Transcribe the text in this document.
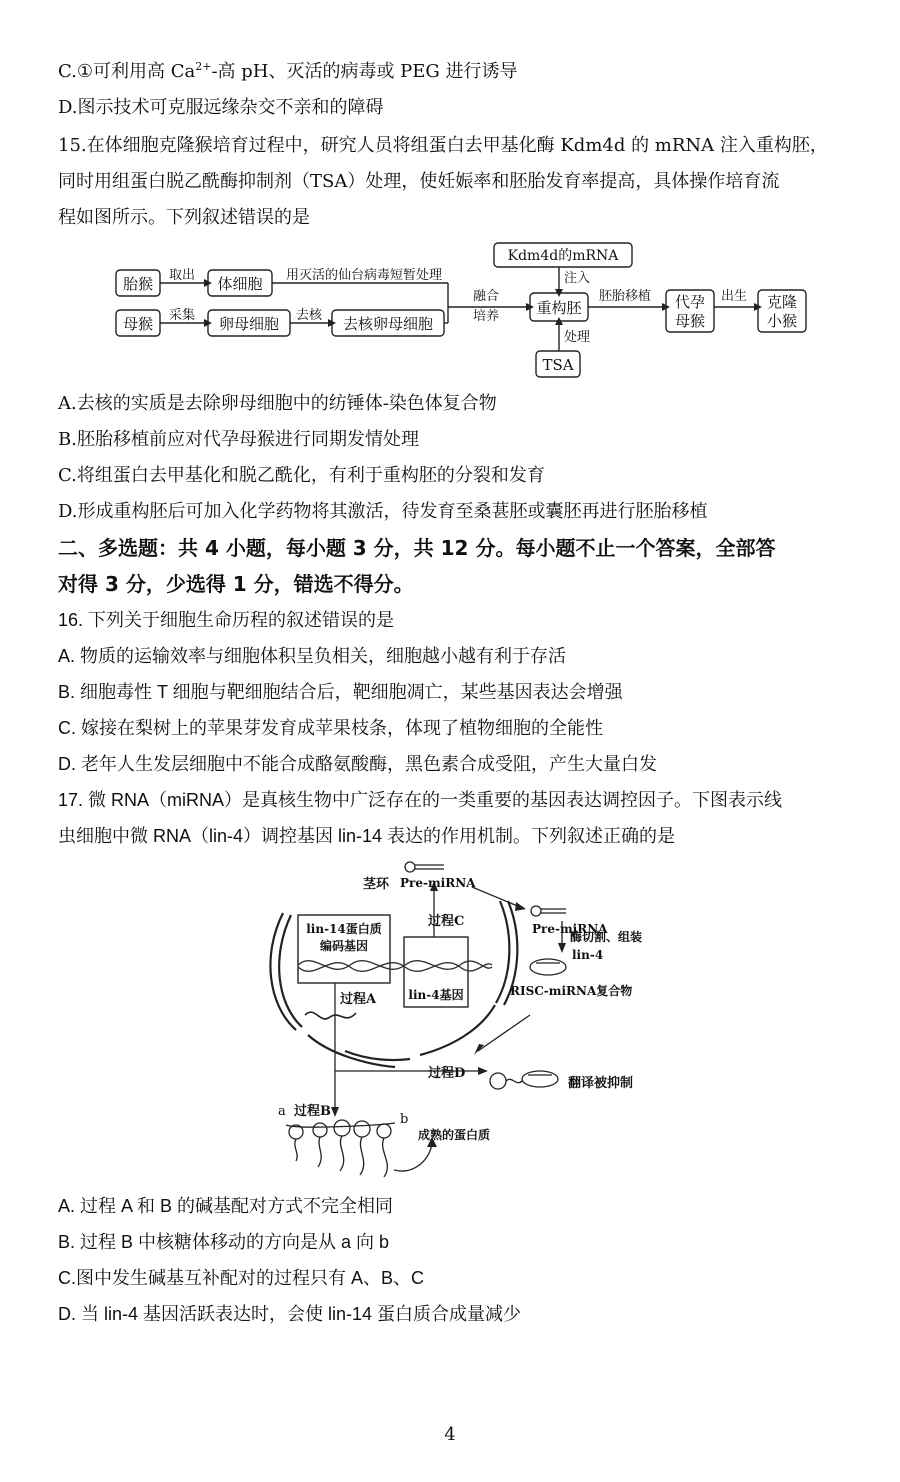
C.①可利用高 $Ca^{2+}-$高 pH、灭活的病毒或 PEG 进行诱导
D.图示技术可克服远缘杂交不亲和的障碍
15.在体细胞克隆猴培育过程中，研究人员将组蛋白去甲基化酶 Kdm4d 的 mRNA 注入重构胚，
同时用组蛋白脱乙酰酶抑制剂（TSA）处理，使妊娠率和胚胎发育率提高，具体操作培育流
程如图所示。下列叙述错误的是
胎猴 取出 体细胞 用灭活的仙台病毒短暂处理
母猴 采集 卵母细胞 去核 去核卵母细胞
融合
培养
Kdm4d的mRNA
注入
重构胚
处理
TSA
胚胎移植 代孕
母猴
出生 克隆
小猴
A.去核的实质是去除卵母细胞中的纺锤体-染色体复合物
B.胚胎移植前应对代孕母猴进行同期发情处理
C.将组蛋白去甲基化和脱乙酰化，有利于重构胚的分裂和发育
D.形成重构胚后可加入化学药物将其激活，待发育至桑葚胚或囊胚再进行胚胎移植
二、多选题：共 4 小题，每小题 3 分，共 12 分。每小题不止一个答案，全部答
对得 3 分，少选得 1 分，错选不得分。
16. 下列关于细胞生命历程的叙述错误的是
A. 物质的运输效率与细胞体积呈负相关，细胞越小越有利于存活
B. 细胞毒性 T 细胞与靶细胞结合后，靶细胞凋亡，某些基因表达会增强
C. 嫁接在梨树上的苹果芽发育成苹果枝条，体现了植物细胞的全能性
D. 老年人生发层细胞中不能合成酪氨酸酶，黑色素合成受阻，产生大量白发
17. 微 RNA（miRNA）是真核生物中广泛存在的一类重要的基因表达调控因子。下图表示线
虫细胞中微 RNA（lin-4）调控基因 lin-14 表达的作用机制。下列叙述正确的是
茎环 Pre-miRNA
Pre-miRNA
过程C
lin-14蛋白质
编码基因
lin-4基因
过程A
酶切割、组装
lin-4
RISC-miRNA复合物
过程D
翻译被抑制
a 过程B
b
成熟的蛋白质
A. 过程 A 和 B 的碱基配对方式不完全相同
B. 过程 B 中核糖体移动的方向是从 a 向 b
C.图中发生碱基互补配对的过程只有 A、B、C
D. 当 lin-4 基因活跃表达时，会使 lin-14 蛋白质合成量减少
4
